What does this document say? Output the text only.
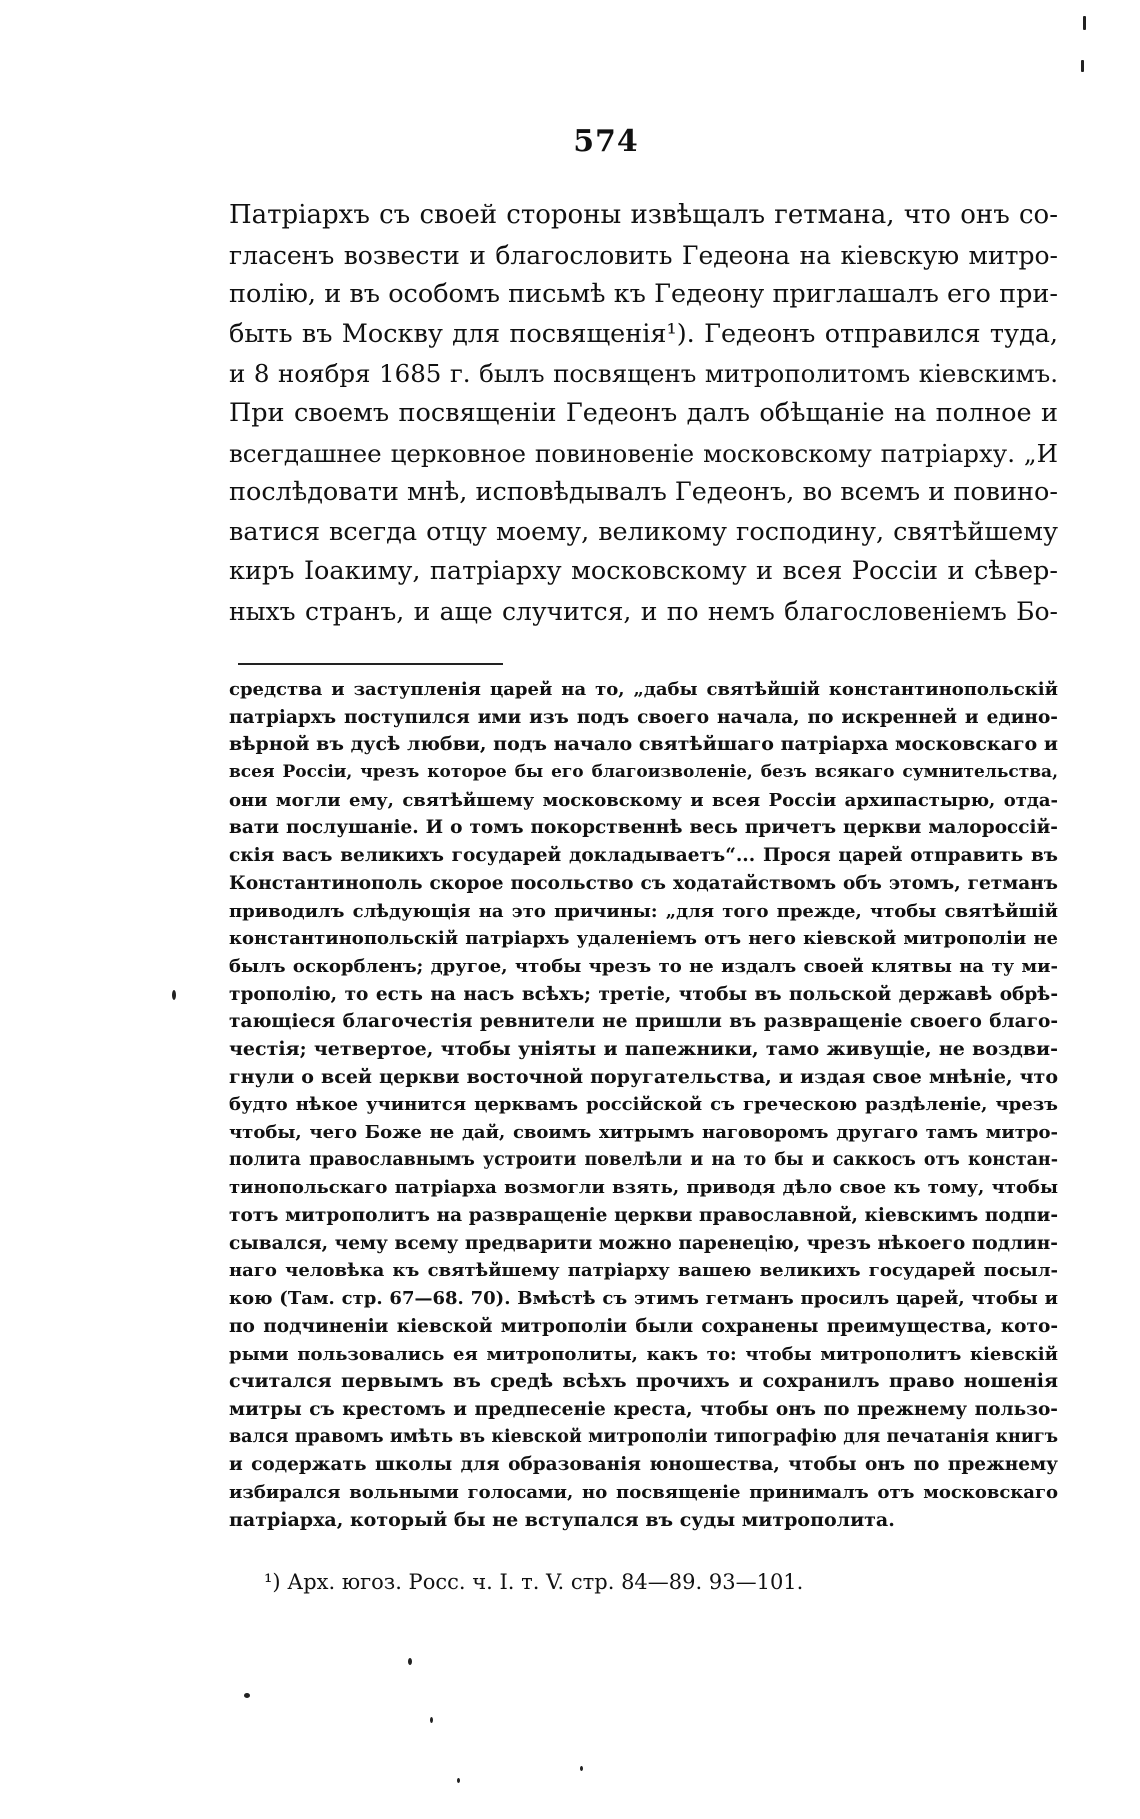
574
Патріархъ съ своей стороны извѣщалъ гетмана, что онъ со-
гласенъ возвести и благословить Гедеона на кіевскую митро-
полію, и въ особомъ письмѣ къ Гедеону приглашалъ его при-
быть въ Москву для посвященія¹). Гедеонъ отправился туда,
и 8 ноября 1685 г. былъ посвященъ митрополитомъ кіевскимъ.
При своемъ посвященіи Гедеонъ далъ обѣщаніе на полное и
всегдашнее церковное повиновеніе московскому патріарху. „И
послѣдовати мнѣ, исповѣдывалъ Гедеонъ, во всемъ и повино-
ватися всегда отцу моему, великому господину, святѣйшему
киръ Іоакиму, патріарху московскому и всея Россіи и сѣвер-
ныхъ странъ, и аще случится, и по немъ благословеніемъ Бо-
средства и заступленія царей на то, „дабы святѣйшій константинопольскій
патріархъ поступился ими изъ подъ своего начала, по искренней и едино-
вѣрной въ дусѣ любви, подъ начало святѣйшаго патріарха московскаго и
всея Россіи, чрезъ которое бы его благоизволеніе, безъ всякаго сумнительства,
они могли ему, святѣйшему московскому и всея Россіи архипастырю, отда-
вати послушаніе. И о томъ покорственнѣ весь причетъ церкви малороссій-
скія васъ великихъ государей докладываетъ“... Прося царей отправить въ
Константинополь скорое посольство съ ходатайствомъ объ этомъ, гетманъ
приводилъ слѣдующія на это причины: „для того прежде, чтобы святѣйшій
константинопольскій патріархъ удаленіемъ отъ него кіевской митрополіи не
былъ оскорбленъ; другое, чтобы чрезъ то не издалъ своей клятвы на ту ми-
трополію, то есть на насъ всѣхъ; третіе, чтобы въ польской державѣ обрѣ-
тающіеся благочестія ревнители не пришли въ развращеніе своего благо-
честія; четвертое, чтобы уніяты и папежники, тамо живущіе, не воздви-
гнули о всей церкви восточной поругательства, и издая свое мнѣніе, что
будто нѣкое учинится церквамъ россійской съ греческою раздѣленіе, чрезъ
чтобы, чего Боже не дай, своимъ хитрымъ наговоромъ другаго тамъ митро-
полита православнымъ устроити повелѣли и на то бы и саккосъ отъ констан-
тинопольскаго патріарха возмогли взять, приводя дѣло свое къ тому, чтобы
тотъ митрополитъ на развращеніе церкви православной, кіевскимъ подпи-
сывался, чему всему предварити можно паренецію, чрезъ нѣкоего подлин-
наго человѣка къ святѣйшему патріарху вашею великихъ государей посыл-
кою (Там. стр. 67—68. 70). Вмѣстѣ съ этимъ гетманъ просилъ царей, чтобы и
по подчиненіи кіевской митрополіи были сохранены преимущества, кото-
рыми пользовались ея митрополиты, какъ то: чтобы митрополитъ кіевскій
считался первымъ въ средѣ всѣхъ прочихъ и сохранилъ право ношенія
митры съ крестомъ и предпесеніе креста, чтобы онъ по прежнему пользо-
вался правомъ имѣть въ кіевской митрополіи типографію для печатанія книгъ
и содержать школы для образованія юношества, чтобы онъ по прежнему
избирался вольными голосами, но посвященіе принималъ отъ московскаго
патріарха, который бы не вступался въ суды митрополита.
¹) Арх. югоз. Росс. ч. I. т. V. стр. 84—89. 93—101.
